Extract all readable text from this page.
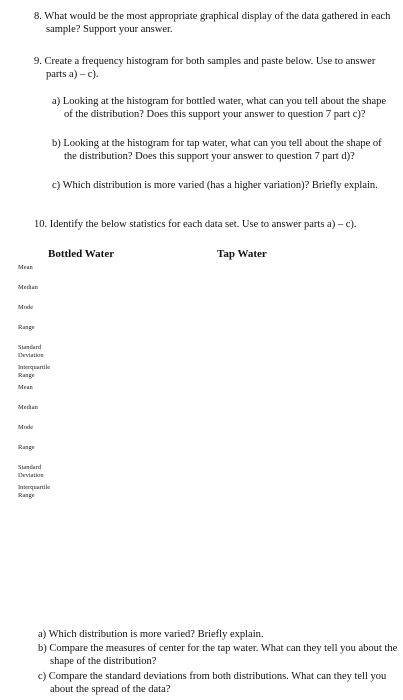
8. What would be the most appropriate graphical display of the data gathered in each sample? Support your answer.
9. Create a frequency histogram for both samples and paste below. Use to answer parts a) – c).
a) Looking at the histogram for bottled water, what can you tell about the shape of the distribution? Does this support your answer to question 7 part c)?
b) Looking at the histogram for tap water, what can you tell about the shape of the distribution? Does this support your answer to question 7 part d)?
c) Which distribution is more varied (has a higher variation)? Briefly explain.
10. Identify the below statistics for each data set. Use to answer parts a) – c).
Bottled Water	Tap Water
Mean
Median
Mode
Range
Standard Deviation
Interquartile Range
Mean
Median
Mode
Range
Standard Deviation
Interquartile Range
a) Which distribution is more varied? Briefly explain.
b) Compare the measures of center for the tap water. What can they tell you about the shape of the distribution?
c) Compare the standard deviations from both distributions. What can they tell you about the spread of the data?
